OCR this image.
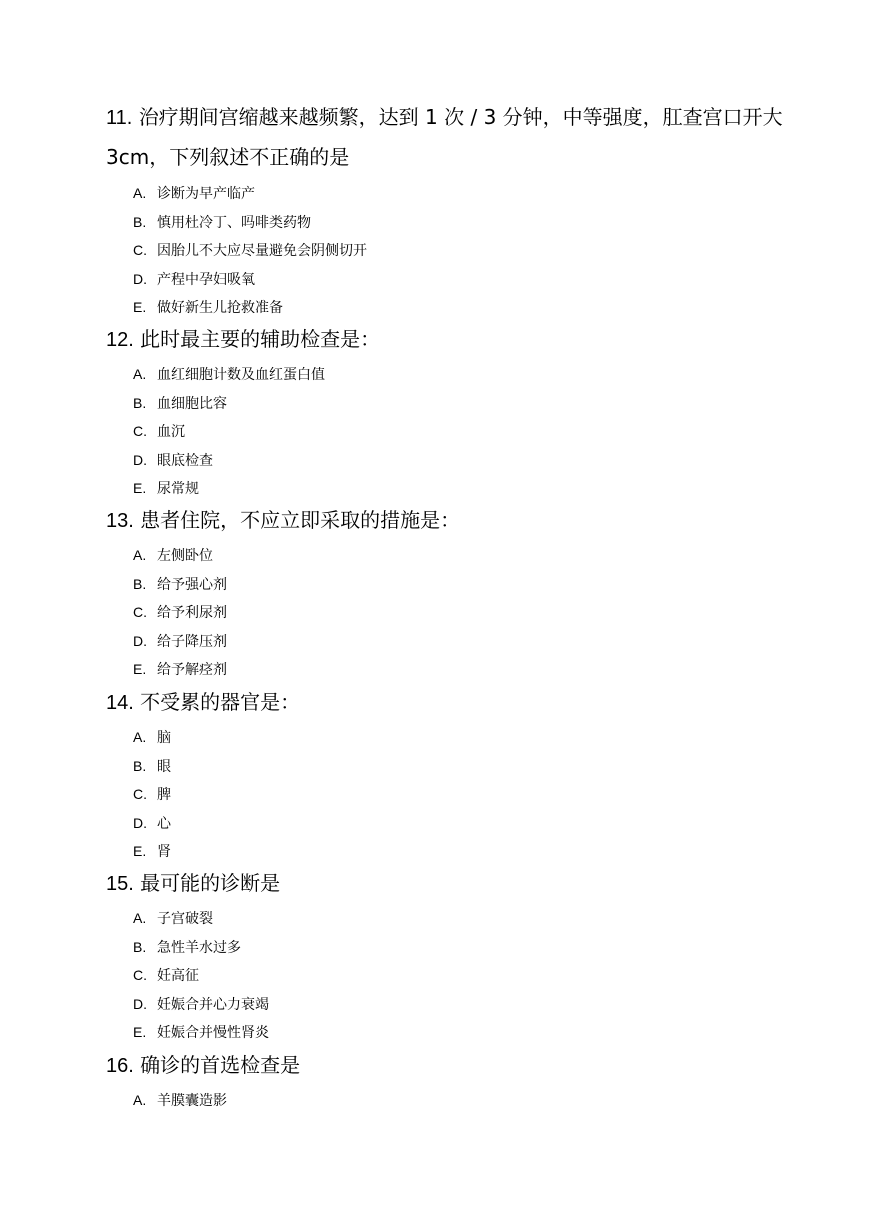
11. 治疗期间宫缩越来越频繁，达到 1 次 / 3 分钟，中等强度，肛查宫口开大 3cm，下列叙述不正确的是

A. 诊断为早产临产
B. 慎用杜冷丁、吗啡类药物
C. 因胎儿不大应尽量避免会阴侧切开
D. 产程中孕妇吸氧
E. 做好新生儿抢救准备

12. 此时最主要的辅助检查是：

A. 血红细胞计数及血红蛋白值
B. 血细胞比容
C. 血沉
D. 眼底检查
E. 尿常规

13. 患者住院，不应立即采取的措施是：

A. 左侧卧位
B. 给予强心剂
C. 给予利尿剂
D. 给子降压剂
E. 给予解痉剂

14. 不受累的器官是：

A. 脑
B. 眼
C. 脾
D. 心
E. 肾

15. 最可能的诊断是

A. 子宫破裂
B. 急性羊水过多
C. 妊高征
D. 妊娠合并心力衰竭
E. 妊娠合并慢性肾炎

16. 确诊的首选检查是

A. 羊膜囊造影
